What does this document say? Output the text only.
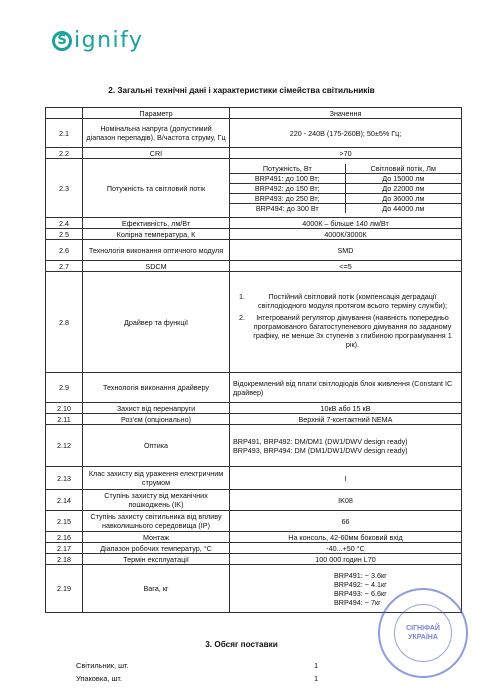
S ignify
2. Загальні технічні дані і характеристики сімейства світильників
	Параметр	Значення
2.1	Номінальна напруга (допустимий діапазон перепадів), В/частота струму, Гц	220 - 240В (175-260В); 50±5% Гц;
2.2	CRI	>70
2.3	Потужність та світловий потік	
Потужність, Вт	Світловий потік, Лм
BRP491: до 100 Вт;	До 15000 лм
BRP492: до 150 Вт;	До 22000 лм
BRP493: до 250 Вт;	До 36000 лм
BRP494: до 300 Вт	До 44000 лм

2.4	Ефективність, лм/Вт	4000К – більше 140 лм/Вт
2.5	Колірна температура, К	4000К/3000К
2.6	Технологія виконання оптичного модуля	SMD
2.7	SDCM	<=5
2.8	Драйвер та функції	
1. Постійний світловий потік (компенсація деградації світлодіодного модуля протягом всього терміну служби);
2. Інтегрований регулятор дімування (наявність попередньо програмованого багатоступеневого дімування по заданому графіку, не менше 3х ступенів з глибиною програмування 1 рік).

2.9	Технологія виконання драйверу	Відокремлений від плати світлодіодів блок живлення (Constant IC драйвер)
2.10	Захист від перенапруги	10кВ або 15 кВ
2.11	Роз'єм (опціонально)	Верхній 7-контактний NEMA
2.12	Оптика	BRP491, BRP492: DM/DM1 (DW1/DWV design ready)
BRP493, BRP494: DM (DM1/DW1/DWV design ready)

2.13	Клас захисту від ураження електричним струмом	I
2.14	Ступінь захисту від механічних пошкоджень (IK)	IK08
2.15	Ступінь захисту світильника від впливу навколишнього середовища (IP)	66
2.16	Монтаж	На консоль, 42-60мм боковий вхід
2.17	Діапазон робочих температур, °С	-40...+50 °С
2.18	Термін експлуатації	100 000 годин L70
2.19	Вага, кг	
BRP491: ~ 3.6кг
BRP492: ~ 4.1кг
BRP493: ~ 6.6кг
BRP494: ~ 7кг
СІГНІФАЙ
УКРАЇНА
3. Обсяг поставки
Світильник, шт.	1
Упаковка, шт.	1
